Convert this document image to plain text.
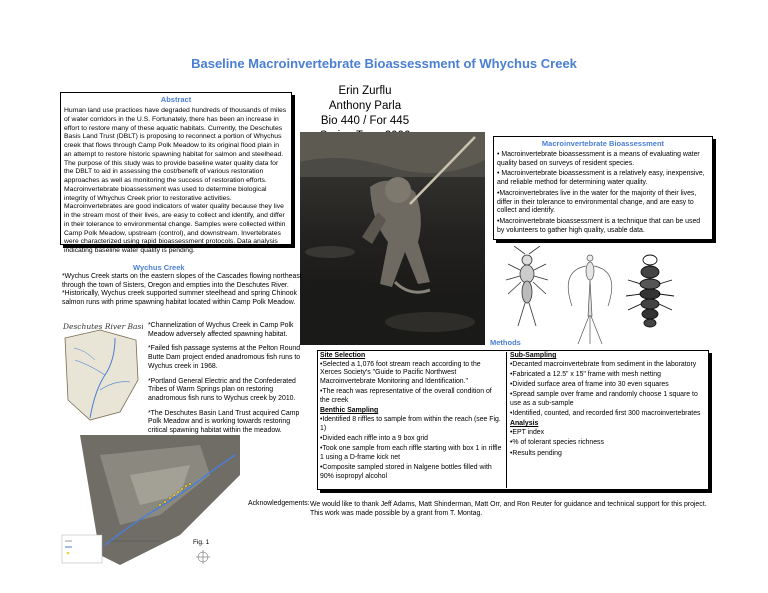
Baseline Macroinvertebrate Bioassessment of Whychus Creek
Erin Zurflu
Anthony Parla
Bio 440 / For 445
Abstract
Human land use practices have degraded hundreds of thousands of miles of water corridors in the U.S. Fortunately, there has been an increase in effort to restore many of these aquatic habitats. Currently, the Deschutes Basis Land Trust (DBLT) is proposing to reconnect a portion of Whychus creek that flows through Camp Polk Meadow to its original flood plain in an attempt to restore historic spawning habitat for salmon and steelhead. The purpose of this study was to provide baseline water quality data for the DBLT to aid in assessing the cost/benefit of various restoration approaches as well as monitoring the success of restoration efforts. Macroinvertebrate bioassessment was used to determine biological integrity of Whychus Creek prior to restorative activities. Macroinvertebrates are good indicators of water quality because they live in the stream most of their lives, are easy to collect and identify, and differ in their tolerance to environmental change. Samples were collected within Camp Polk Meadow, upstream (control), and downstream. Invertebrates were characterized using rapid bioassessment protocols. Data analysis indicating baseline water quality is pending.
Macroinvertebrate Bioassessment

• Macroinvertebrate bioassessment is a means of evaluating water quality based on surveys of resident species.

• Macroinvertebrate bioassessment is a relatively easy, inexpensive, and reliable method for determining water quality.

•Macroinvertebrates live in the water for the majority of their lives, differ in their tolerance to environmental change, and are easy to collect and identify.

•Macroinvertebrate bioassessment is a technique that can be used by volunteers to gather high quality, usable data.

Wychus Creek

*Wychus Creek starts on the eastern slopes of the Cascades flowing northeast through the town of Sisters, Oregon and empties into the Deschutes River.

*Historically, Wychus creek supported summer steelhead and spring Chinook salmon runs with prime spawning habitat located within Camp Polk Meadow.

Deschutes River Basin *Channelization of Wychus Creek in Camp Polk Meadow adversely affected spawning habitat.

*Failed fish passage systems at the Pelton Round Butte Dam project ended anadromous fish runs to Wychus creek in 1968.

*Portland General Electric and the Confederated Tribes of Warm Springs plan on restoring anadromous fish runs to Wychus creek by 2010.

*The Deschutes Basin Land Trust acquired Camp Polk Meadow and is working towards restoring critical spawning habitat within the meadow.

Fig. 1
Methods
Site Selection

•Selected a 1,076 foot stream reach according to the Xerces Society's "Guide to Pacific Northwest Macroinvertebrate Monitoring and Identification."

•The reach was representative of the overall condition of the creek

Benthic Sampling

•Identified 8 riffles to sample from within the reach (see Fig. 1)

•Divided each riffle into a 9 box grid

•Took one sample from each riffle starting with box 1 in riffle 1 using a D-frame kick net

•Composite sampled stored in Nalgene bottles filled with 90% isopropyl alcohol

Sub-Sampling

•Decanted macroinvertebrate from sediment in the laboratory

•Fabricated a 12.5" x 15" frame with mesh netting

•Divided surface area of frame into 30 even squares

•Spread sample over frame and randomly choose 1 square to use as a sub-sample

•Identified, counted, and recorded first 300 macroinvertebrates

Analysis

•EPT index

•% of tolerant species richness

•Results pending

Acknowledgements: We would like to thank Jeff Adams, Matt Shinderman, Matt Orr, and Ron Reuter for guidance and technical support for this project. This work was made possible by a grant from T. Montag.
